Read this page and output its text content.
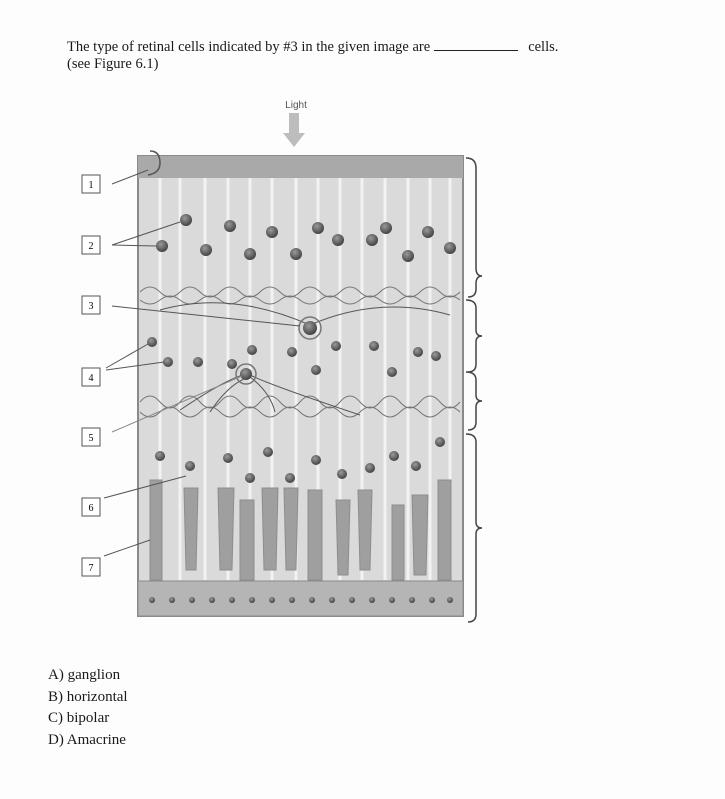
The type of retinal cells indicated by #3 in the given image are	cells.
(see Figure 6.1)
Light
1
2
3
4
5
6
7
A) ganglion
B) horizontal
C) bipolar
D) Amacrine
